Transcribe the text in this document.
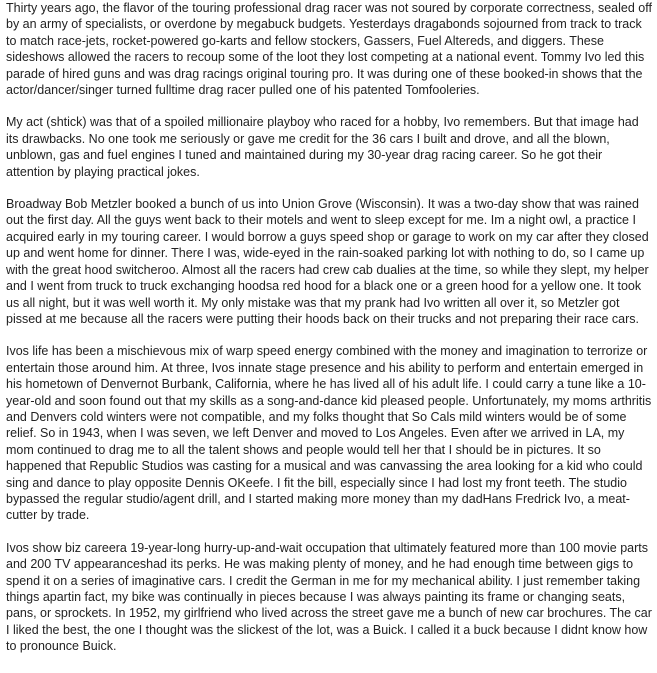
Thirty years ago, the flavor of the touring professional drag racer was not soured by corporate correctness, sealed off by an army of specialists, or overdone by megabuck budgets. Yesterdays dragabonds sojourned from track to track to match race-jets, rocket-powered go-karts and fellow stockers, Gassers, Fuel Altereds, and diggers. These sideshows allowed the racers to recoup some of the loot they lost competing at a national event. Tommy Ivo led this parade of hired guns and was drag racings original touring pro. It was during one of these booked-in shows that the actor/dancer/singer turned fulltime drag racer pulled one of his patented Tomfooleries.

My act (shtick) was that of a spoiled millionaire playboy who raced for a hobby, Ivo remembers. But that image had its drawbacks. No one took me seriously or gave me credit for the 36 cars I built and drove, and all the blown, unblown, gas and fuel engines I tuned and maintained during my 30-year drag racing career. So he got their attention by playing practical jokes.

Broadway Bob Metzler booked a bunch of us into Union Grove (Wisconsin). It was a two-day show that was rained out the first day. All the guys went back to their motels and went to sleep except for me. Im a night owl, a practice I acquired early in my touring career. I would borrow a guys speed shop or garage to work on my car after they closed up and went home for dinner. There I was, wide-eyed in the rain-soaked parking lot with nothing to do, so I came up with the great hood switcheroo. Almost all the racers had crew cab dualies at the time, so while they slept, my helper and I went from truck to truck exchanging hoodsa red hood for a black one or a green hood for a yellow one. It took us all night, but it was well worth it. My only mistake was that my prank had Ivo written all over it, so Metzler got pissed at me because all the racers were putting their hoods back on their trucks and not preparing their race cars.

Ivos life has been a mischievous mix of warp speed energy combined with the money and imagination to terrorize or entertain those around him. At three, Ivos innate stage presence and his ability to perform and entertain emerged in his hometown of Denvernot Burbank, California, where he has lived all of his adult life. I could carry a tune like a 10-year-old and soon found out that my skills as a song-and-dance kid pleased people. Unfortunately, my moms arthritis and Denvers cold winters were not compatible, and my folks thought that So Cals mild winters would be of some relief. So in 1943, when I was seven, we left Denver and moved to Los Angeles. Even after we arrived in LA, my mom continued to drag me to all the talent shows and people would tell her that I should be in pictures. It so happened that Republic Studios was casting for a musical and was canvassing the area looking for a kid who could sing and dance to play opposite Dennis OKeefe. I fit the bill, especially since I had lost my front teeth. The studio bypassed the regular studio/agent drill, and I started making more money than my dadHans Fredrick Ivo, a meat-cutter by trade.

Ivos show biz careera 19-year-long hurry-up-and-wait occupation that ultimately featured more than 100 movie parts and 200 TV appearanceshad its perks. He was making plenty of money, and he had enough time between gigs to spend it on a series of imaginative cars. I credit the German in me for my mechanical ability. I just remember taking things apartin fact, my bike was continually in pieces because I was always painting its frame or changing seats, pans, or sprockets. In 1952, my girlfriend who lived across the street gave me a bunch of new car brochures. The car I liked the best, the one I thought was the slickest of the lot, was a Buick. I called it a buck because I didnt know how to pronounce Buick.
